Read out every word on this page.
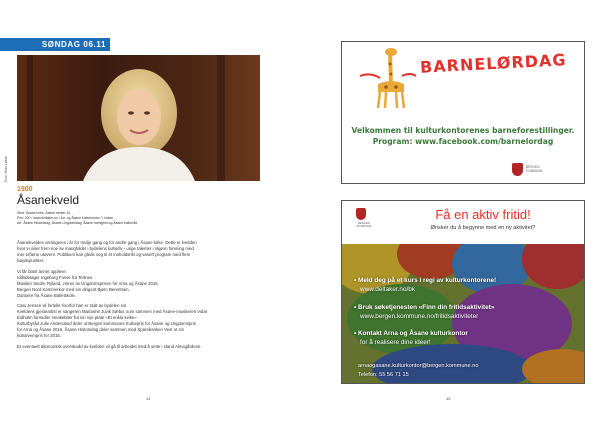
SØNDAG 06.11
Foto: Mats Løkke
1900
Åsanekveld
Sted: Åsane kirke, Åsane senter 44
Pris: 200 / www.deltaker.no / Arr. og Åsane kulturkontor / i kirken
Arr: Åsane Historielag, Åsane Ungdomslag, Åsane menighet og Åsane kulturråd

Åsanekvelden arrangeres i år for tredje gang og for andre gang i Åsane kirke. Dette er kvelden
hvor vi viser frem noe av mangfoldet i bydelens kulturliv - unge talenter i skjønn forening med
mer erfarne utøvere. Publikum kan glede seg til et innholdsrikt og variert program med flere
høydepunkter.

Vi får blant annet oppleve:
Iddsdetager Ingeborg Fosse fra Tertnes.
Musiker Sindre Ryland, vinner av Ungdomsprisen for Arna og Åsane 2015.
Bergen Nord Kammerkor med sin dirigent Bjørn Berentsen,
Dansere fra Åsane Balletskole.

Cato Jensen vil fortelle hvorfor han er stolt av bydelen sin.
Kveldens gjesteartist er sangeren Marianne Juvik Sæbø, som sammen med Åsane-musikeren Vidar
Eidholm formidler smakebiter fra sin nye plate «Et enkla kvike»
Kulturbyråd Julie Andersland deler ut Bergen kommunes Kulturpris for Åsane og Ungdomspris
for Arna og Åsane 2016. Åsane Historielag deler sammen med Sparebanken Vest ut sin
kulturvernpris for 2016.

Et eventuelt økonomisk overskudd av kvelden vil gå til arbeidet med å sette i stand Almsgårdene.

44
BARNELØRDAG
Velkommen til kulturkontorenes barneforestillinger.
Program: www.facebook.com/barnelordag
BERGEN
KOMMUNE
BERGEN
KOMMUNE
Få en aktiv fritid!
Ønsker du å begynne med en ny aktivitet?
• Meld deg på et kurs i regi av kulturkontorene!
www.deltaker.no/bk
• Bruk søketjenesten «Finn din fritidsaktivitet»
www.bergen.kommune.no/fritidsaktiviteter
• Kontakt Arna og Åsane kulturkontor
for å realisere dine ideer!
arnaogasane.kulturkontor@bergen.kommune.no
Telefon: 55 56 71 15
45
